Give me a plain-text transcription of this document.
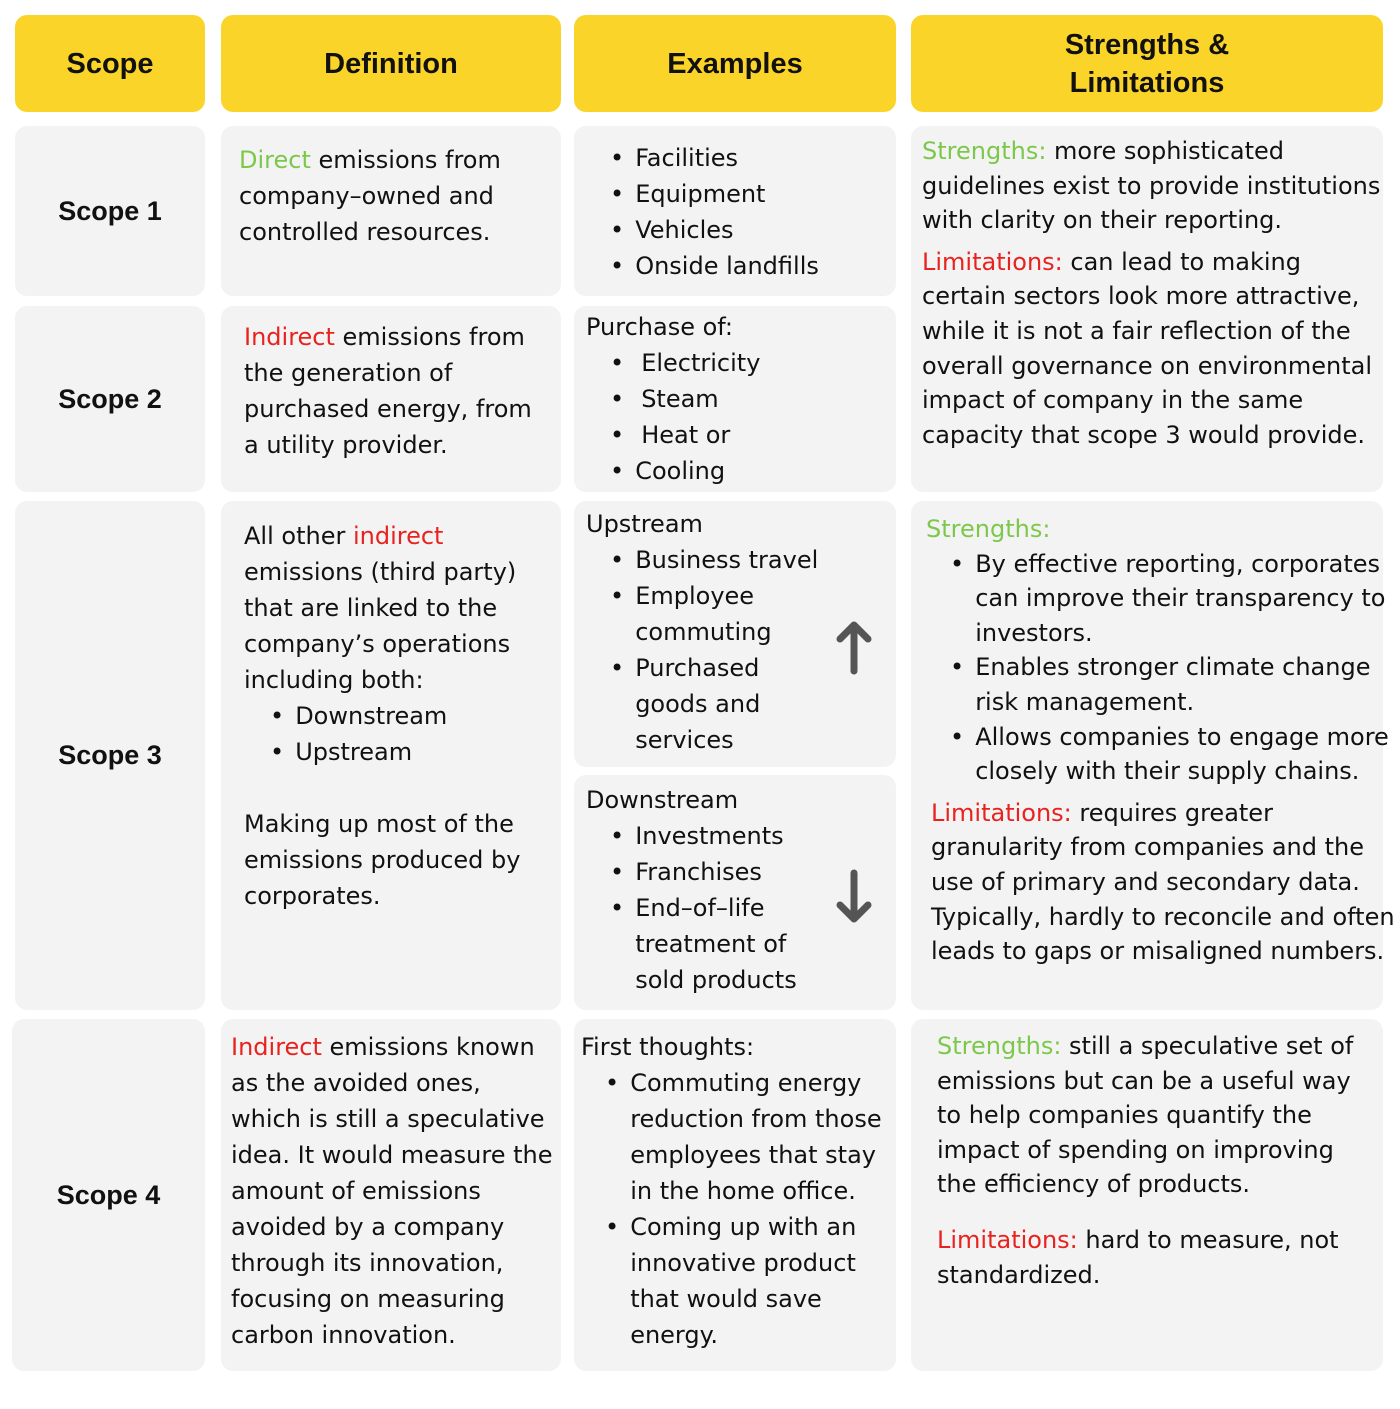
Scope	Definition	Examples
Strengths &
Limitations
Scope 1
Scope 2
Scope 3
Scope 4
Direct emissions from
company–owned and
controlled resources.
Indirect emissions from
the generation of
purchased energy, from
a utility provider.
All other indirect
emissions (third party)
that are linked to the
company’s operations
including both:
• Downstream
• Upstream
Making up most of the
emissions produced by
corporates.
Indirect emissions known
as the avoided ones,
which is still a speculative
idea. It would measure the
amount of emissions
avoided by a company
through its innovation,
focusing on measuring
carbon innovation.
• Facilities
• Equipment
• Vehicles
• Onside landfills
Purchase of:
• Electricity
• Steam
• Heat or
• Cooling
Upstream
• Business travel
• Employee
commuting
• Purchased
goods and
services
Downstream
• Investments
• Franchises
• End–of–life
treatment of
sold products
First thoughts:
• Commuting energy
reduction from those
employees that stay
in the home office.
• Coming up with an
innovative product
that would save
energy.
Strengths: more sophisticated
guidelines exist to provide institutions
with clarity on their reporting.
Limitations: can lead to making
certain sectors look more attractive,
while it is not a fair reflection of the
overall governance on environmental
impact of company in the same
capacity that scope 3 would provide.
Strengths:
• By effective reporting, corporates
can improve their transparency to
investors.
• Enables stronger climate change
risk management.
• Allows companies to engage more
closely with their supply chains.
Limitations: requires greater
granularity from companies and the
use of primary and secondary data.
Typically, hardly to reconcile and often
leads to gaps or misaligned numbers.
Strengths: still a speculative set of
emissions but can be a useful way
to help companies quantify the
impact of spending on improving
the efficiency of products.
Limitations: hard to measure, not
standardized.
